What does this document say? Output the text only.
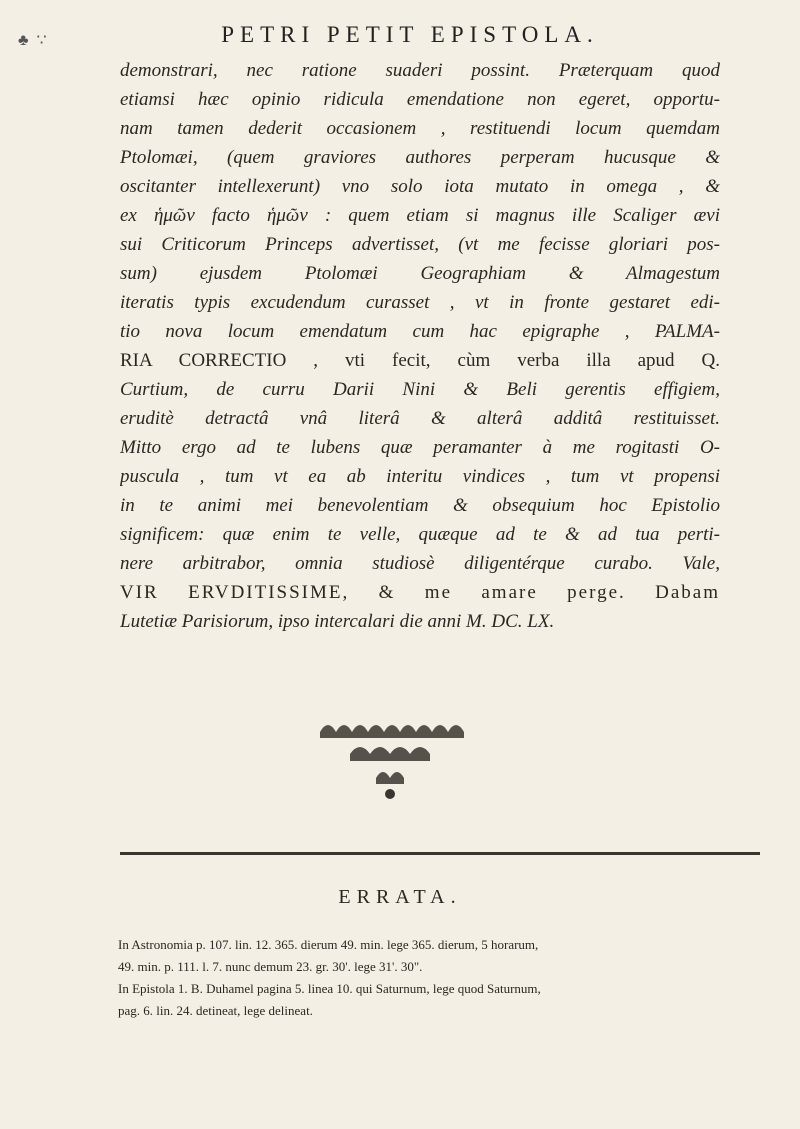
♣ ∵	PETRI PETIT EPISTOLA.
demonstrari, nec ratione suaderi possint. Præterquam quod
etiamsi hæc opinio ridicula emendatione non egeret, opportu-
nam tamen dederit occasionem , restituendi locum quemdam
Ptolomæi, (quem graviores authores perperam hucusque &
oscitanter intellexerunt) vno solo iota mutato in omega , &
ex ἡμῶν facto ἡμῶν : quem etiam si magnus ille Scaliger ævi
sui Criticorum Princeps advertisset, (vt me fecisse gloriari pos-
sum) ejusdem Ptolomæi Geographiam & Almagestum
iteratis typis excudendum curasset , vt in fronte gestaret edi-
tio nova locum emendatum cum hac epigraphe , PALMA-
RIA CORRECTIO , vti fecit, cùm verba illa apud Q.
Curtium, de curru Darii Nini & Beli gerentis effigiem,
eruditè detractâ vnâ literâ & alterâ additâ restituisset.
Mitto ergo ad te lubens quæ peramanter à me rogitasti O-
pusculа , tum vt ea ab interitu vindices , tum vt propensi
in te animi mei benevolentiam & obsequium hoc Epistolio
significem: quæ enim te velle, quæque ad te & ad tua perti-
nere arbitrabor, omnia studiosè diligentérque curabo. Vale,
VIR ERVDITISSIME, & me amare perge. Dabam
Lutetiæ Parisiorum, ipso intercalari die anni M. DC. LX.
ERRATA.
In Astronomia p. 107. lin. 12. 365. dierum 49. min. lege 365. dierum, 5 horarum,
49. min. p. 111. l. 7. nunc demum 23. gr. 30'. lege 31'. 30".
In Epistola 1. B. Duhamel pagina 5. linea 10. qui Saturnum, lege quod Saturnum,
pag. 6. lin. 24. detineat, lege delineat.
